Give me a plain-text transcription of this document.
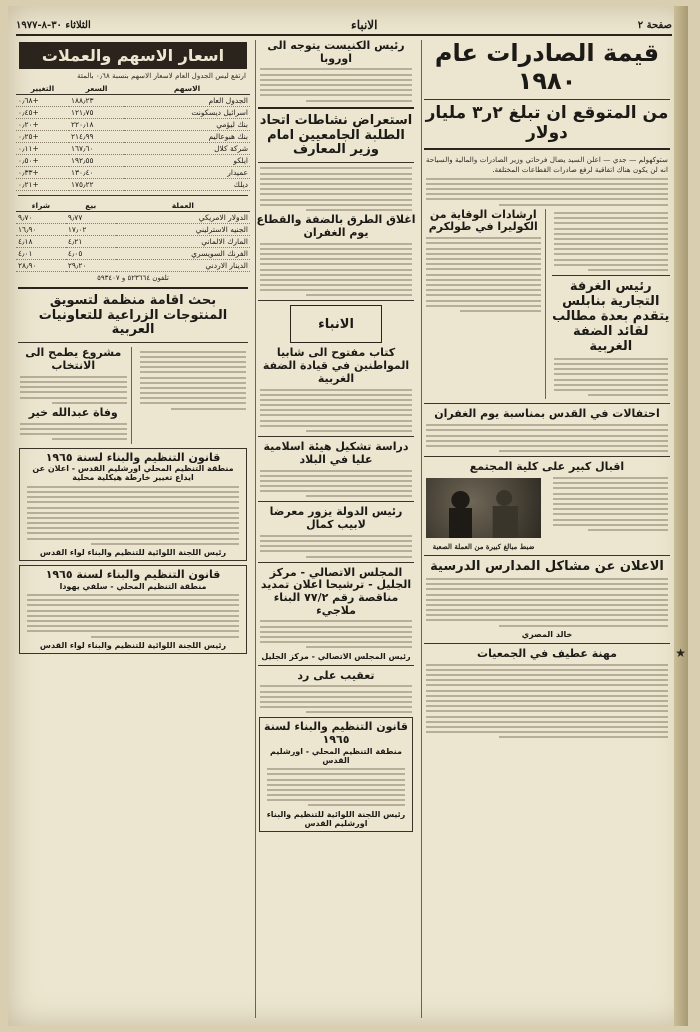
صفحة ٢
الانباء
الثلاثاء ٣٠-٨-١٩٧٧
قيمة الصادرات عام ١٩٨٠
من المتوقع ان تبلغ ٢ر٣ مليار دولار
ستوكهولم — جدي — اعلن السيد يضال فرحاتي وزير الصادرات والمالية والسياحة انه لن يكون هناك اتفاقية لرفع صادرات القطاعات المختلفة.
رئيس الغرفة التجارية بنابلس يتقدم بعدة مطالب لقائد الضفة الغربية
ارشادات الوقاية من الكوليرا في طولكرم
احتفالات في القدس بمناسبة يوم الغفران
اقبال كبير على كلية المجتمع
ضبط مبالغ كبيرة من العملة الصعبة
الاعلان عن مشاكل المدارس الدرسية
خالد المصري
مهنة عطيف في الجمعيات
رئيس الكنيست يتوجه الى اوروبا
استعراض نشاطات اتحاد الطلبة الجامعيين امام وزير المعارف
اغلاق الطرق بالضفة والقطاع يوم الغفران
الانباء
كتاب مفتوح الى شابيا المواطنين في قيادة الضفة الغربية
دراسة تشكيل هيئة اسلامية عليا في البلاد
رئيس الدولة يزور معرضا لابيب كمال
المجلس الاتصالي - مركز الجليل - ترشيحا اعلان تمديد مناقصة رقم ٧٧/٢ البناء ملاجيء
رئيس المجلس الاتصالي - مركز الجليل
تعقيب على رد
قانون التنظيم والبناء لسنة ١٩٦٥
منطقة التنظيم المحلي - اورشليم القدس
رئيس اللجنة اللوائية للتنظيم والبناء اورشليم القدس
اسعار الاسهم والعملات
ارتفع ليس الجدول العام لاسعار الاسهم بنسبة ٠٫٦٨ بالمئة
الاسهم	السعر	التغيير
الجدول العام	١٨٨٫٢٣	٠٫٦٨+
اسرائيل ديسكونت	١٢١٫٧٥	٠٫٤٥+
بنك ليؤمي	٢٢٠٫١٨	٠٫٢٠+
بنك هبوعاليم	٢١٤٫٩٩	٠٫٢٥+
شركة كلال	١٦٧٫٦٠	٠٫١١+
ايلكو	١٩٢٫٥٥	٠٫٥٠+
عميدار	١٣٠٫٤٠	٠٫٣٣+
ديلك	١٧٥٫٢٢	٠٫٢١+
العملة	بيع	شراء
الدولار الامريكي	٩٫٧٧	٩٫٧٠
الجنيه الاسترليني	١٧٫٠٢	١٦٫٩٠
المارك الالماني	٤٫٢١	٤٫١٨
الفرنك السويسري	٤٫٠٥	٤٫٠١
الدينار الاردني	٢٩٫٢٠	٢٨٫٩٠
تلفون ٥٢٣٦٦٤ و ٥٩٣٤٠٧
بحث اقامة منظمة لتسويق المنتوجات الزراعية للتعاونيات العربية
مشروع يطمح الى الانتخاب
وفاة عبدالله خير
قانون التنظيم والبناء لسنة ١٩٦٥
منطقة التنظيم المحلي اورشليم القدس - اعلان عن ايداع تغيير خارطة هيكلية محلية
رئيس اللجنة اللوائية للتنظيم والبناء لواء القدس
قانون التنظيم والبناء لسنة ١٩٦٥
منطقة التنظيم المحلي - سلفي يهودا
رئيس اللجنة اللوائية للتنظيم والبناء لواء القدس
★
